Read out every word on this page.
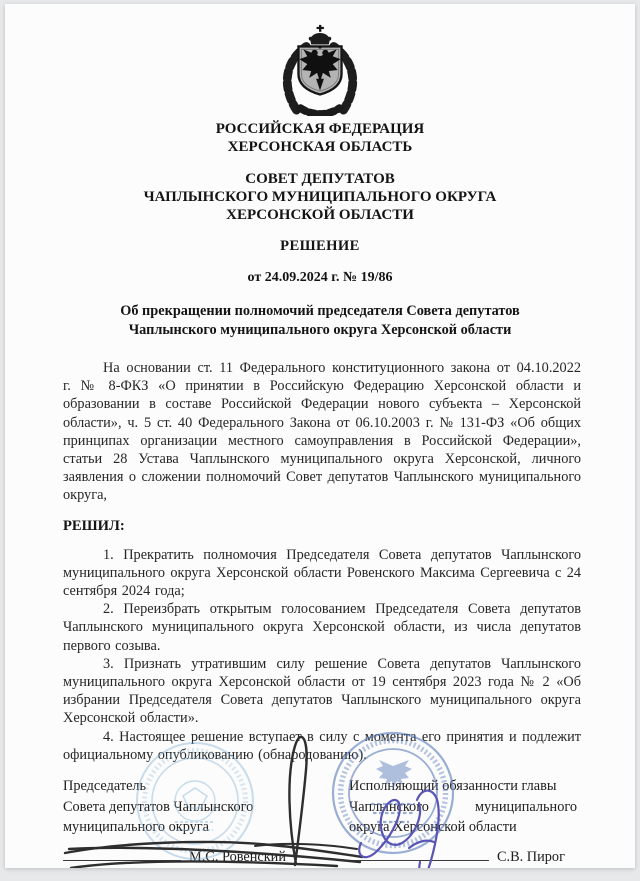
РОССИЙСКАЯ ФЕДЕРАЦИЯ
ХЕРСОНСКАЯ ОБЛАСТЬ
СОВЕТ ДЕПУТАТОВ
ЧАПЛЫНСКОГО МУНИЦИПАЛЬНОГО ОКРУГА
ХЕРСОНСКОЙ ОБЛАСТИ
РЕШЕНИЕ
от 24.09.2024 г. № 19/86
Об прекращении полномочий председателя Совета депутатов
Чаплынского муниципального округа Херсонской области

На основании ст. 11 Федерального конституционного закона от 04.10.2022 г. № 8-ФКЗ «О принятии в Российскую Федерацию Херсонской области и образовании в составе Российской Федерации нового субъекта – Херсонской области», ч. 5 ст. 40 Федерального Закона от 06.10.2003 г. № 131-ФЗ «Об общих принципах организации местного самоуправления в Российской Федерации», статьи 28 Устава Чаплынского муниципального округа Херсонской, личного заявления о сложении полномочий Совет депутатов Чаплынского муниципального округа,

РЕШИЛ:

1. Прекратить полномочия Председателя Совета депутатов Чаплынского муниципального округа Херсонской области Ровенского Максима Сергеевича с 24 сентября 2024 года;

2. Переизбрать открытым голосованием Председателя Совета депутатов Чаплынского муниципального округа Херсонской области, из числа депутатов первого созыва.

3. Признать утратившим силу решение Совета депутатов Чаплынского муниципального округа Херсонской области от 19 сентября 2023 года № 2 «Об избрании Председателя Совета депутатов Чаплынского муниципального округа Херсонской области».

4. Настоящее решение вступает в силу с момента его принятия и подлежит официальному опубликованию (обнародованию).

Председатель
Совета депутатов Чаплынского
муниципального округа
М.С. Ровенский
Исполняющий обязанности главы
Чаплынского муниципального
округа Херсонской области
С.В. Пирог
